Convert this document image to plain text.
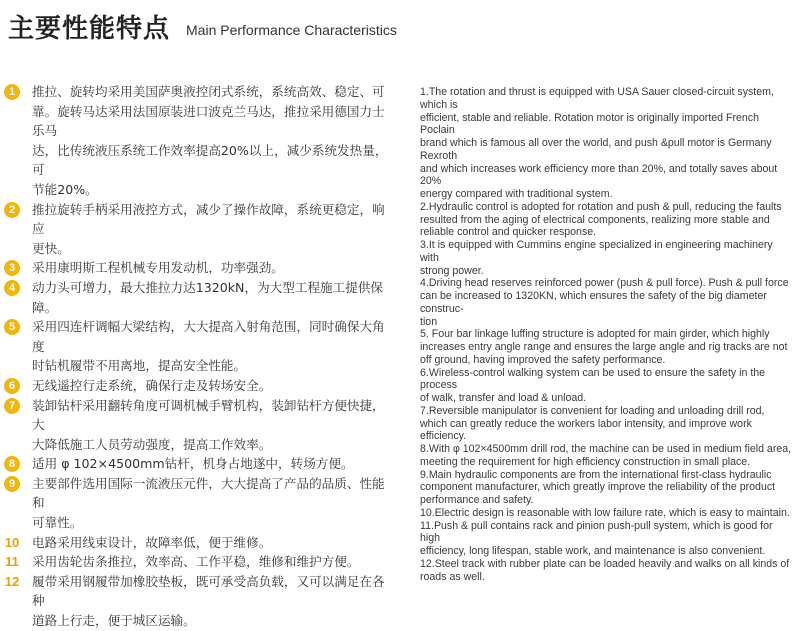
主要性能特点 Main Performance Characteristics
1	推拉、旋转均采用美国萨奥液控闭式系统，系统高效、稳定、可
靠。旋转马达采用法国原装进口波克兰马达，推拉采用德国力士乐马
达，比传统液压系统工作效率提高20%以上，减少系统发热量，可
节能20%。
2	推拉旋转手柄采用液控方式，减少了操作故障，系统更稳定，响应
更快。
3	采用康明斯工程机械专用发动机，功率强劲。
4	动力头可增力，最大推拉力达1320kN，为大型工程施工提供保障。
5	采用四连杆调幅大梁结构，大大提高入射角范围，同时确保大角度
时钻机履带不用离地，提高安全性能。
6	无线遥控行走系统，确保行走及转场安全。
7	装卸钻杆采用翻转角度可调机械手臂机构，装卸钻杆方便快捷，大
大降低施工人员劳动强度，提高工作效率。
8	适用 φ 102×4500mm钻杆，机身占地遂中，转场方便。
9	主要部件选用国际一流液压元件，大大提高了产品的品质、性能和
可靠性。
10 电路采用线束设计，故障率低，便于维修。
11 采用齿轮齿条推拉，效率高、工作平稳，维修和维护方便。
12 履带采用钢履带加橡胶垫板，既可承受高负载，又可以满足在各种
道路上行走，便于城区运输。

1.The rotation and thrust is equipped with USA Sauer closed-circuit system, which is

efficient, stable and reliable. Rotation motor is originally imported French Poclain

brand which is famous all over the world, and push &pull motor is Germany Rexroth

and which increases work efficiency more than 20%, and totally saves about 20%

energy compared with traditional system.

2.Hydraulic control is adopted for rotation and push & pull, reducing the faults

resulted from the aging of electrical components, realizing more stable and

reliable control and quicker response.

3.It is equipped with Cummins engine specialized in engineering machinery with

strong power.

4.Driving head reserves reinforced power (push & pull force). Push & pull force

can be increased to 1320KN, which ensures the safety of the big diameter construc-

tion

5. Four bar linkage luffing structure is adopted for main girder, which highly

increases entry angle range and ensures the large angle and rig tracks are not

off ground, having improved the safety performance.

6.Wireless-control walking system can be used to ensure the safety in the process

of walk, transfer and load & unload.

7.Reversible manipulator is convenient for loading and unloading drill rod,

which can greatly reduce the workers labor intensity, and improve work efficiency.

8.With φ 102×4500mm drill rod, the machine can be used in medium field area,

meeting the requirement for high efficiency construction in small place.

9.Main hydraulic components are from the international first-class hydraulic

component manufacturer, which greatly improve the reliability of the product

performance and safety.

10.Electric design is reasonable with low failure rate, which is easy to maintain.

11.Push & pull contains rack and pinion push-pull system, which is good for high

efficiency, long lifespan, stable work, and maintenance is also convenient.

12.Steel track with rubber plate can be loaded heavily and walks on all kinds of

roads as well.
